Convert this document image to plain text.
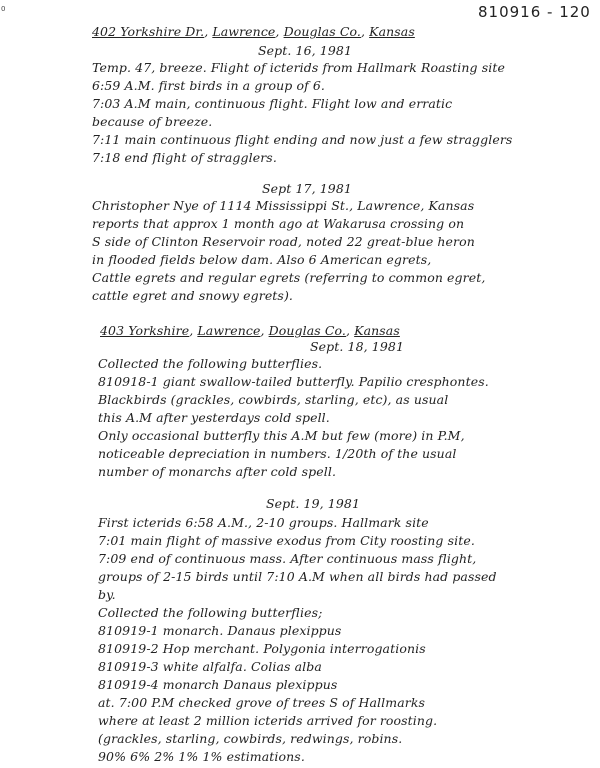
0	810916 - 120
402 Yorkshire Dr., Lawrence, Douglas Co., Kansas
Sept. 16, 1981
Temp. 47, breeze. Flight of icterids from Hallmark Roasting site
6:59 A.M. first birds in a group of 6.
7:03 A.M main, continuous flight. Flight low and erratic
because of breeze.
7:11 main continuous flight ending and now just a few stragglers
7:18 end flight of stragglers.
Sept 17, 1981
Christopher Nye of 1114 Mississippi St., Lawrence, Kansas
reports that approx 1 month ago at Wakarusa crossing on
S side of Clinton Reservoir road, noted 22 great-blue heron
in flooded fields below dam. Also 6 American egrets,
Cattle egrets and regular egrets (referring to common egret,
cattle egret and snowy egrets).
403 Yorkshire, Lawrence, Douglas Co., Kansas
Sept. 18, 1981
Collected the following butterflies.
810918-1 giant swallow-tailed butterfly. Papilio cresphontes.
Blackbirds (grackles, cowbirds, starling, etc), as usual
this A.M after yesterdays cold spell.
Only occasional butterfly this A.M but few (more) in P.M,
noticeable depreciation in numbers. 1/20th of the usual
number of monarchs after cold spell.
Sept. 19, 1981
First icterids 6:58 A.M., 2-10 groups. Hallmark site
7:01 main flight of massive exodus from City roosting site.
7:09 end of continuous mass. After continuous mass flight,
groups of 2-15 birds until 7:10 A.M when all birds had passed
by.
Collected the following butterflies;
810919-1 monarch. Danaus plexippus
810919-2 Hop merchant. Polygonia interrogationis
810919-3 white alfalfa. Colias alba
810919-4 monarch Danaus plexippus
at. 7:00 P.M checked grove of trees S of Hallmarks
where at least 2 million icterids arrived for roosting.
(grackles, starling, cowbirds, redwings, robins.
90% 6% 2% 1% 1% estimations.
